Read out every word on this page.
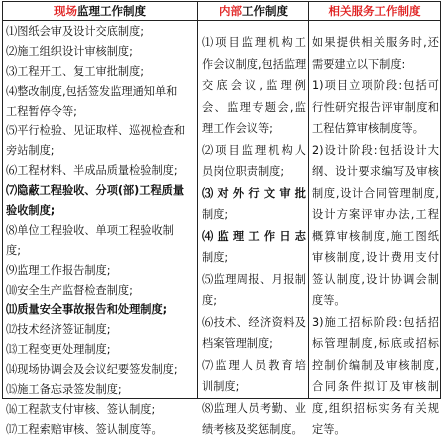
现场监理工作制度	内部工作制度	相关服务工作制度
⑴图纸会审及设计交底制度;
⑵施工组织设计审核制度;
⑶工程开工、复工审批制度;
⑷整改制度,包括签发监理通知单和
工程暂停令等;
⑸平行检验、见证取样、巡视检查和
旁站制度;
⑹工程材料、半成品质量检验制度;
⑺隐蔽工程验收、分项(部)工程质量
验收制度;
⑻单位工程验收、单项工程验收制
度;
⑼监理工作报告制度;
⑽安全生产监督检查制度;
⑾质量安全事故报告和处理制度;
⑿技术经济签证制度;
⒀工程变更处理制度;
⒁现场协调会及会议纪要签发制度;
⒂施工备忘录签发制度;
⒃工程款支付审核、签认制度;
⒄工程索赔审核、签认制度等。
⑴项目监理机构工
作会议制度,包括监理
交底会议,监理例
会、监理专题会,监
理工作会议等;
⑵项目监理机构人
员岗位职责制度;
⑶对外行文审批
制度;
⑷监理工作日志
制度;
⑸监理周报、月报制
度;
⑹技术、经济资料及
档案管理制度;
⑺监理人员教育培
训制度;
⑻监理人员考勤、业
绩考核及奖惩制度。
如果提供相关服务时,还
需要建立以下制度:
1)项目立项阶段:包括可
行性研究报告评审制度和
工程估算审核制度等。
2)设计阶段:包括设计大
纲、设计要求编写及审核
制度,设计合同管理制度,
设计方案评审办法,工程
概算审核制度,施工图纸
审核制度,设计费用支付
签认制度,设计协调会制
度等。
3)施工招标阶段:包括招
标管理制度,标底或招标
控制价编制及审核制度,
合同条件拟订及审核制
度,组织招标实务有关规
定等。
